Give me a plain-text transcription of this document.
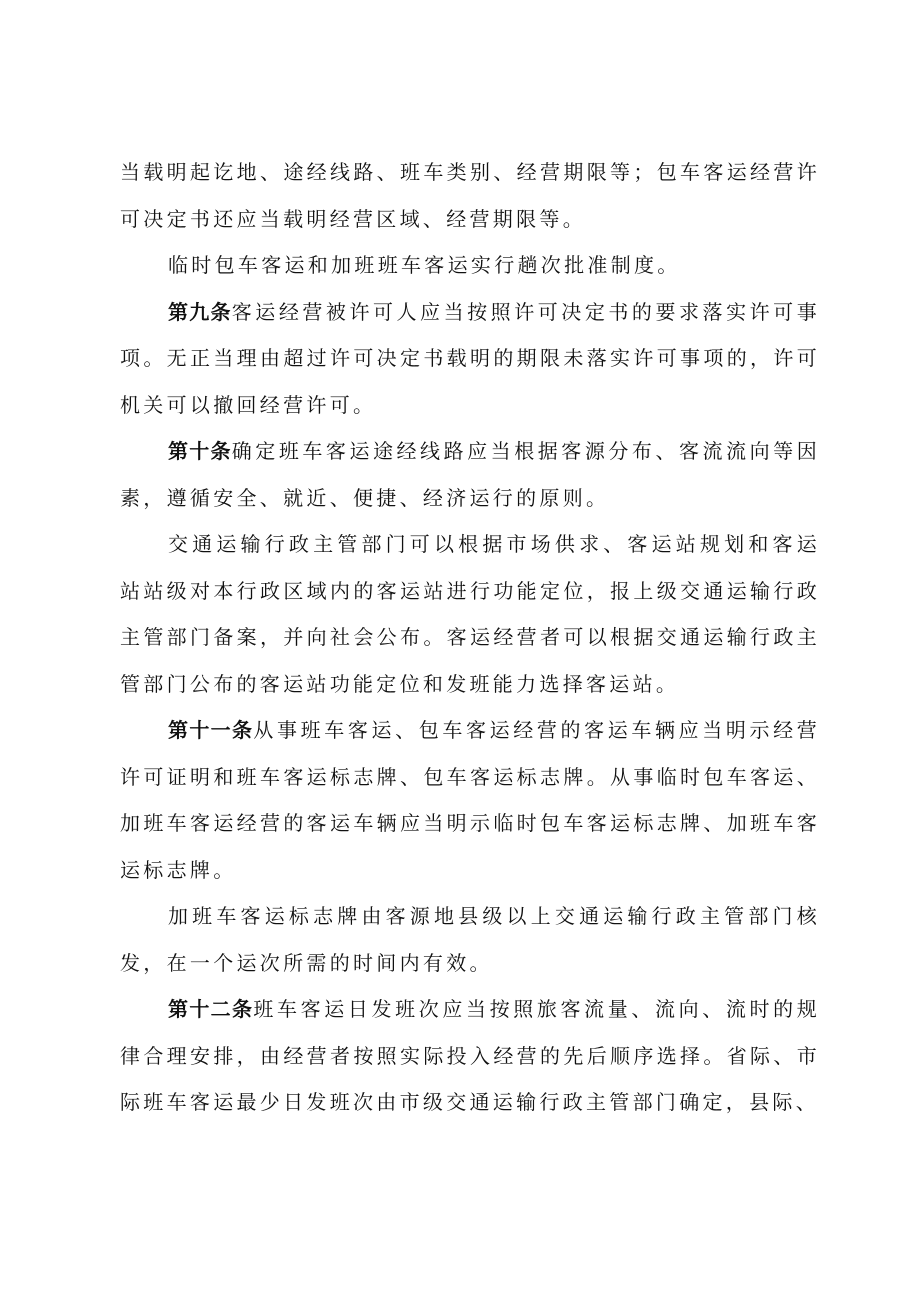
当载明起讫地、途经线路、班车类别、经营期限等；包车客运经营许可决定书还应当载明经营区域、经营期限等。

临时包车客运和加班班车客运实行趟次批准制度。

第九条客运经营被许可人应当按照许可决定书的要求落实许可事项。无正当理由超过许可决定书载明的期限未落实许可事项的，许可机关可以撤回经营许可。

第十条确定班车客运途经线路应当根据客源分布、客流流向等因素，遵循安全、就近、便捷、经济运行的原则。

交通运输行政主管部门可以根据市场供求、客运站规划和客运站站级对本行政区域内的客运站进行功能定位，报上级交通运输行政主管部门备案，并向社会公布。客运经营者可以根据交通运输行政主管部门公布的客运站功能定位和发班能力选择客运站。

第十一条从事班车客运、包车客运经营的客运车辆应当明示经营许可证明和班车客运标志牌、包车客运标志牌。从事临时包车客运、加班车客运经营的客运车辆应当明示临时包车客运标志牌、加班车客运标志牌。

加班车客运标志牌由客源地县级以上交通运输行政主管部门核发，在一个运次所需的时间内有效。

第十二条班车客运日发班次应当按照旅客流量、流向、流时的规律合理安排，由经营者按照实际投入经营的先后顺序选择。省际、市际班车客运最少日发班次由市级交通运输行政主管部门确定，县际、
